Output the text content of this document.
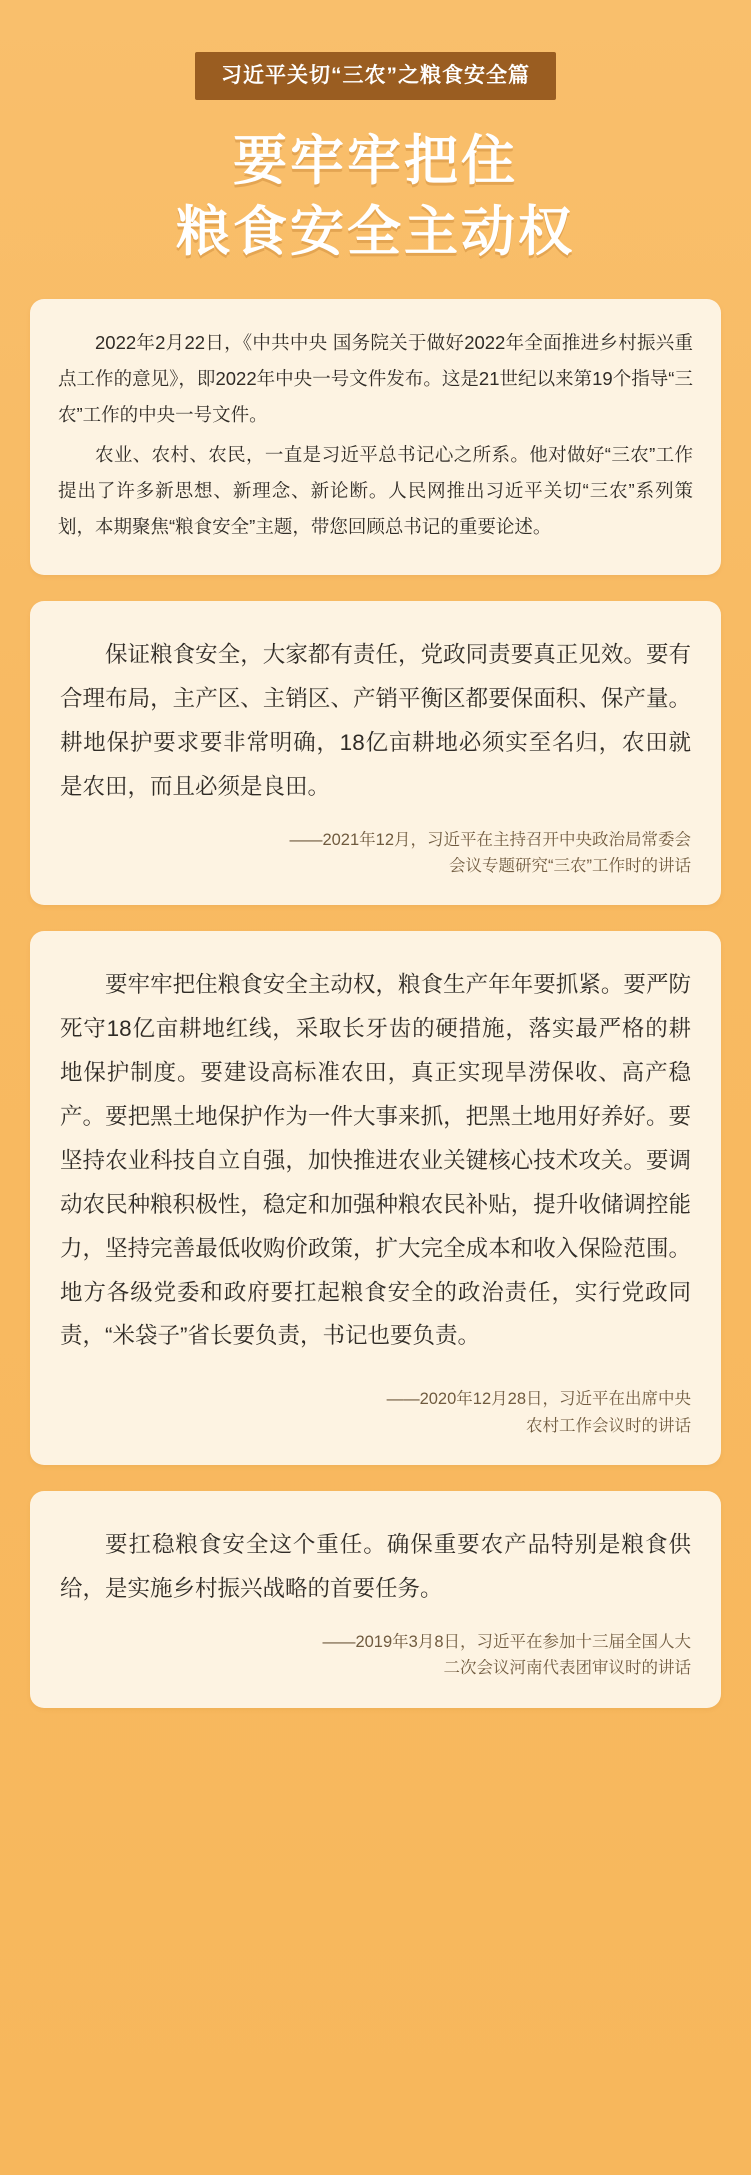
习近平关切“三农”之粮食安全篇
要牢牢把住
粮食安全主动权

2022年2月22日，《中共中央 国务院关于做好2022年全面推进乡村振兴重点工作的意见》，即2022年中央一号文件发布。这是21世纪以来第19个指导“三农”工作的中央一号文件。

农业、农村、农民，一直是习近平总书记心之所系。他对做好“三农”工作提出了许多新思想、新理念、新论断。人民网推出习近平关切“三农”系列策划，本期聚焦“粮食安全”主题，带您回顾总书记的重要论述。

保证粮食安全，大家都有责任，党政同责要真正见效。要有合理布局，主产区、主销区、产销平衡区都要保面积、保产量。耕地保护要求要非常明确，18亿亩耕地必须实至名归，农田就是农田，而且必须是良田。

——2021年12月，习近平在主持召开中央政治局常委会
会议专题研究“三农”工作时的讲话

要牢牢把住粮食安全主动权，粮食生产年年要抓紧。要严防死守18亿亩耕地红线，采取长牙齿的硬措施，落实最严格的耕地保护制度。要建设高标准农田，真正实现旱涝保收、高产稳产。要把黑土地保护作为一件大事来抓，把黑土地用好养好。要坚持农业科技自立自强，加快推进农业关键核心技术攻关。要调动农民种粮积极性，稳定和加强种粮农民补贴，提升收储调控能力，坚持完善最低收购价政策，扩大完全成本和收入保险范围。地方各级党委和政府要扛起粮食安全的政治责任，实行党政同责，“米袋子”省长要负责，书记也要负责。

——2020年12月28日，习近平在出席中央
农村工作会议时的讲话

要扛稳粮食安全这个重任。确保重要农产品特别是粮食供给，是实施乡村振兴战略的首要任务。

——2019年3月8日，习近平在参加十三届全国人大
二次会议河南代表团审议时的讲话
